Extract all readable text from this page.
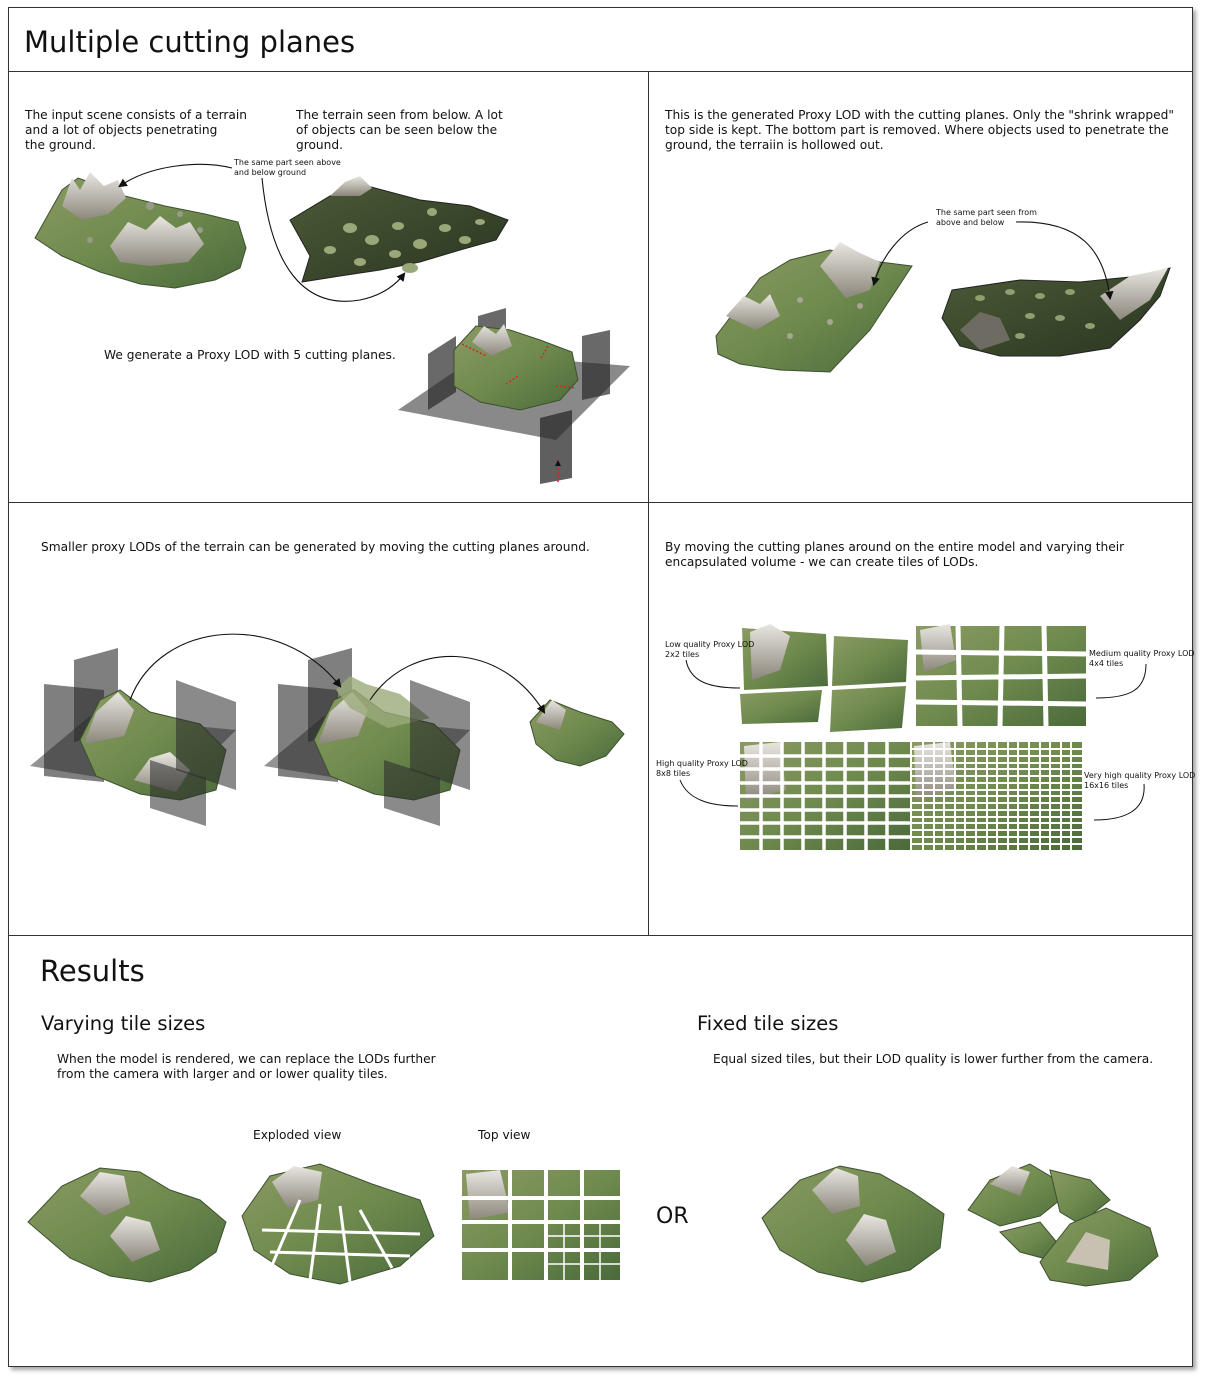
Multiple cutting planes
The input scene consists of a terrain
and a lot of objects penetrating
the ground.
The terrain seen from below. A lot
of objects can be seen below the
ground.
The same part seen above
and below ground
We generate a Proxy LOD with 5 cutting planes.
This is the generated Proxy LOD with the cutting planes. Only the "shrink wrapped"
top side is kept. The bottom part is removed. Where objects used to penetrate the
ground, the terraiin is hollowed out.
The same part seen from
above and below
Smaller proxy LODs of the terrain can be generated by moving the cutting planes around.	By moving the cutting planes around on the entire model and varying their
encapsulated volume - we can create tiles of LODs.
Low quality Proxy LOD
2x2 tiles	Medium quality Proxy LOD
4x4 tiles
High quality Proxy LOD
8x8 tiles	Very high quality Proxy LOD
16x16 tiles
Results
Varying tile sizes
When the model is rendered, we can replace the LODs further
from the camera with larger and or lower quality tiles.
Exploded view	Top view
OR
Fixed tile sizes
Equal sized tiles, but their LOD quality is lower further from the camera.
